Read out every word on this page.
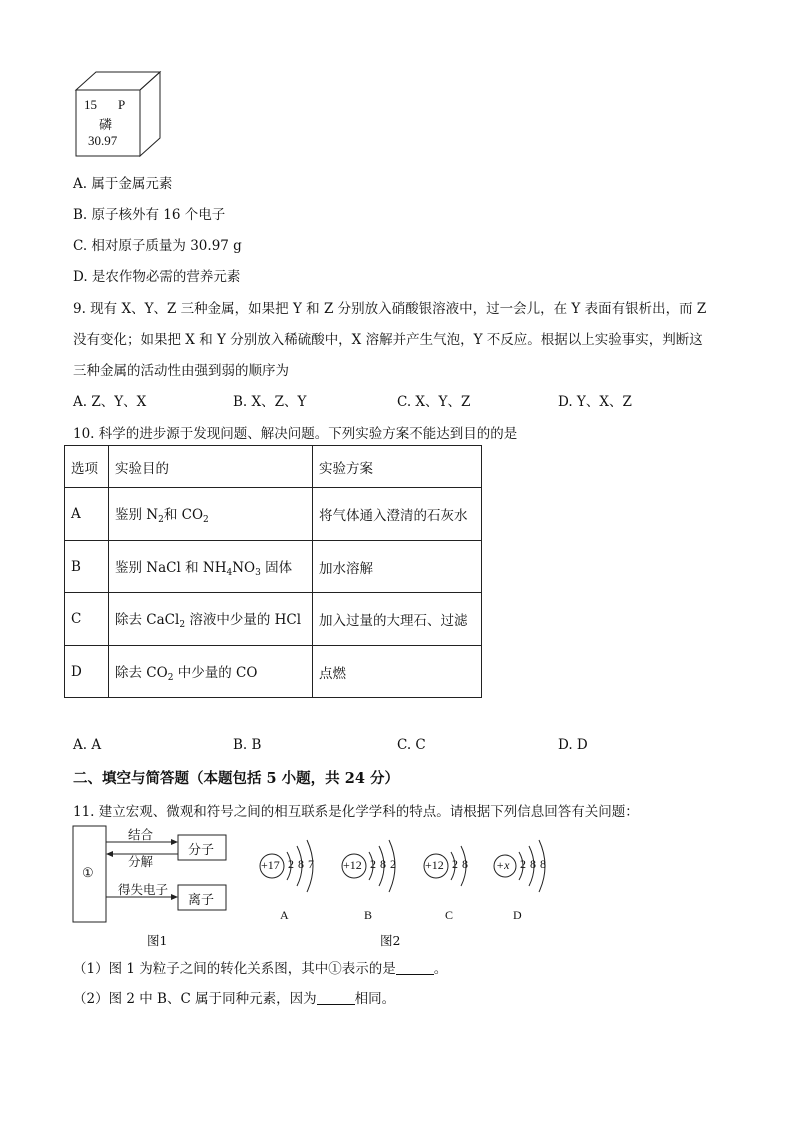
15 P
磷
30.97
A. 属于金属元素
B. 原子核外有 16 个电子
C. 相对原子质量为 30.97 g
D. 是农作物必需的营养元素
9. 现有 X、Y、Z 三种金属，如果把 Y 和 Z 分别放入硝酸银溶液中，过一会儿，在 Y 表面有银析出，而 Z
没有变化；如果把 X 和 Y 分别放入稀硫酸中，X 溶解并产生气泡，Y 不反应。根据以上实验事实，判断这
三种金属的活动性由强到弱的顺序为
A. Z、Y、X	B. X、Z、Y	C. X、Y、Z	D. Y、X、Z
10. 科学的进步源于发现问题、解决问题。下列实验方案不能达到目的的是
选项	实验目的	实验方案
A	鉴别 $N_2$和 $CO_2$	将气体通入澄清的石灰水
B	鉴别 NaCl 和 $NH_4NO_3$ 固体	加水溶解
C	除去 CaCl$_2$ 溶液中少量的 HCl	加入过量的大理石、过滤
D	除去 $CO_2$ 中少量的 CO	点燃
A. A	B. B	C. C	D. D
二、填空与简答题（本题包括 5 小题，共 24 分）
11. 建立宏观、微观和符号之间的相互联系是化学学科的特点。请根据下列信息回答有关问题：
①
结合
分解
分子
得失电子
离子
图1
+17 2 8 7
A
+12 2 8 2
B
+12 2 8
C
+x 2 8 8
D
图2
（1）图 1 为粒子之间的转化关系图，其中①表示的是	。
（2）图 2 中 B、C 属于同种元素，因为	相同。
